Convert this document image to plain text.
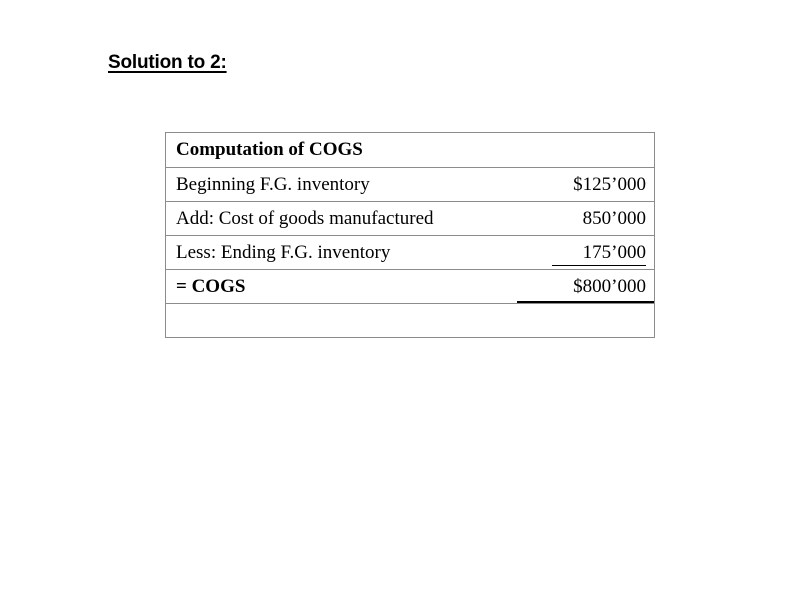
Solution to 2:
Computation of COGS
Beginning F.G. inventory	$125’000
Add: Cost of goods manufactured	850’000
Less: Ending F.G. inventory	175’000
= COGS	$800’000
